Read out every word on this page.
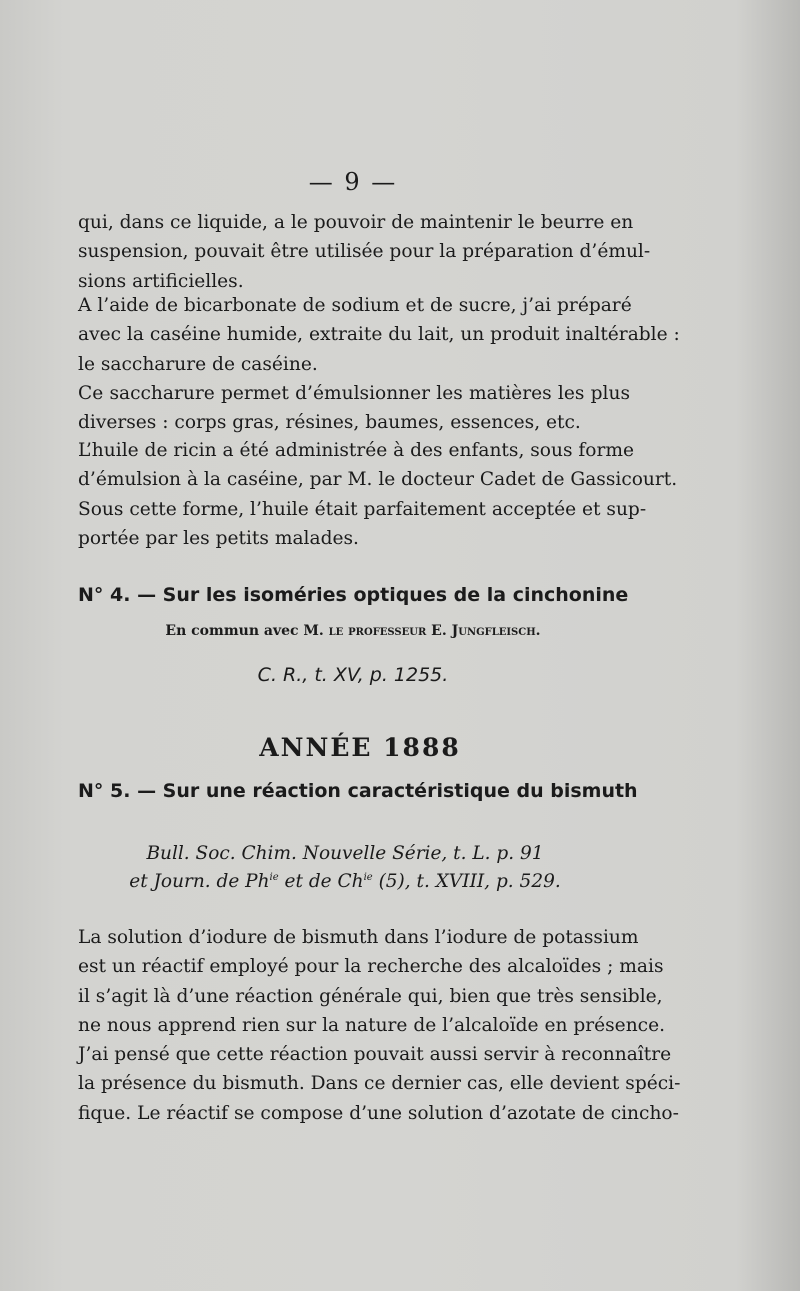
— 9 —
qui, dans ce liquide, a le pouvoir de maintenir le beurre en
suspension, pouvait être utilisée pour la préparation d’émul-
sions artificielles.
A l’aide de bicarbonate de sodium et de sucre, j’ai préparé
avec la caséine humide, extraite du lait, un produit inaltérable :
le saccharure de caséine.
Ce saccharure permet d’émulsionner les matières les plus
diverses : corps gras, résines, baumes, essences, etc.
L’huile de ricin a été administrée à des enfants, sous forme
d’émulsion à la caséine, par M. le docteur Cadet de Gassicourt.
Sous cette forme, l’huile était parfaitement acceptée et sup-
portée par les petits malades.
N° 4. — Sur les isoméries optiques de la cinchonine
En commun avec M. le professeur E. Jungfleisch.
C. R., t. XV, p. 1255.
ANNÉE 1888
N° 5. — Sur une réaction caractéristique du bismuth
Bull. Soc. Chim. Nouvelle Série, t. L. p. 91
et Journ. de $Ph^{ie}$ et de $Ch^{ie}$ (5), t. XVIII, p. 529.
La solution d’iodure de bismuth dans l’iodure de potassium
est un réactif employé pour la recherche des alcaloïdes ; mais
il s’agit là d’une réaction générale qui, bien que très sensible,
ne nous apprend rien sur la nature de l’alcaloïde en présence.
J’ai pensé que cette réaction pouvait aussi servir à reconnaître
la présence du bismuth. Dans ce dernier cas, elle devient spéci-
fique. Le réactif se compose d’une solution d’azotate de cincho-
